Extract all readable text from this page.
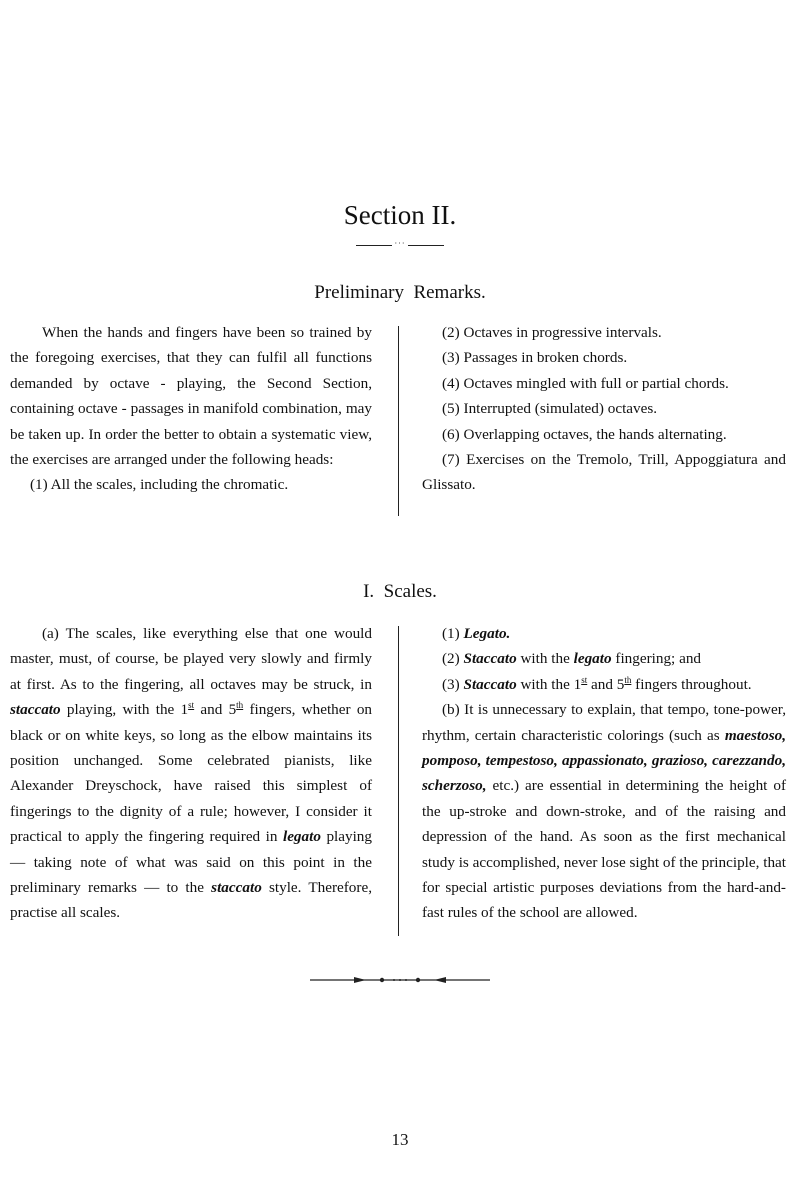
Section II.
···
Preliminary  Remarks.

When the hands and fingers have been so trained by the foregoing exercises, that they can fulfil all functions demanded by octave - playing, the Second Section, containing octave - passages in manifold combination, may be taken up. In order the better to obtain a systematic view, the exercises are arranged under the following heads:

(1) All the scales, including the chromatic.

(2) Octaves in progressive intervals.

(3) Passages in broken chords.

(4) Octaves mingled with full or partial chords.

(5) Interrupted (simulated) octaves.

(6) Overlapping octaves, the hands alternating.

(7) Exercises on the Tremolo, Trill, Appoggiatura and Glissato.

I.  Scales.

(a) The scales, like everything else that one would master, must, of course, be played very slowly and firmly at first. As to the fingering, all octaves may be struck, in staccato playing, with the 1st and 5th fingers, whether on black or on white keys, so long as the elbow maintains its position unchanged. Some celebrated pianists, like Alexander Dreyschock, have raised this simplest of fingerings to the dignity of a rule; however, I consider it practical to apply the fingering required in legato playing — taking note of what was said on this point in the preliminary remarks — to the staccato style. Therefore, practise all scales.

(1) Legato.

(2) Staccato with the legato fingering; and

(3) Staccato with the 1st and 5th fingers throughout.

(b) It is unnecessary to explain, that tempo, tone-power, rhythm, certain characteristic colorings (such as maestoso, pomposo, tempestoso, appassionato, grazioso, carezzando, scherzoso, etc.) are essential in determining the height of the up-stroke and down-stroke, and of the raising and depression of the hand. As soon as the first mechanical study is accomplished, never lose sight of the principle, that for special artistic purposes deviations from the hard-and-fast rules of the school are allowed.

13
